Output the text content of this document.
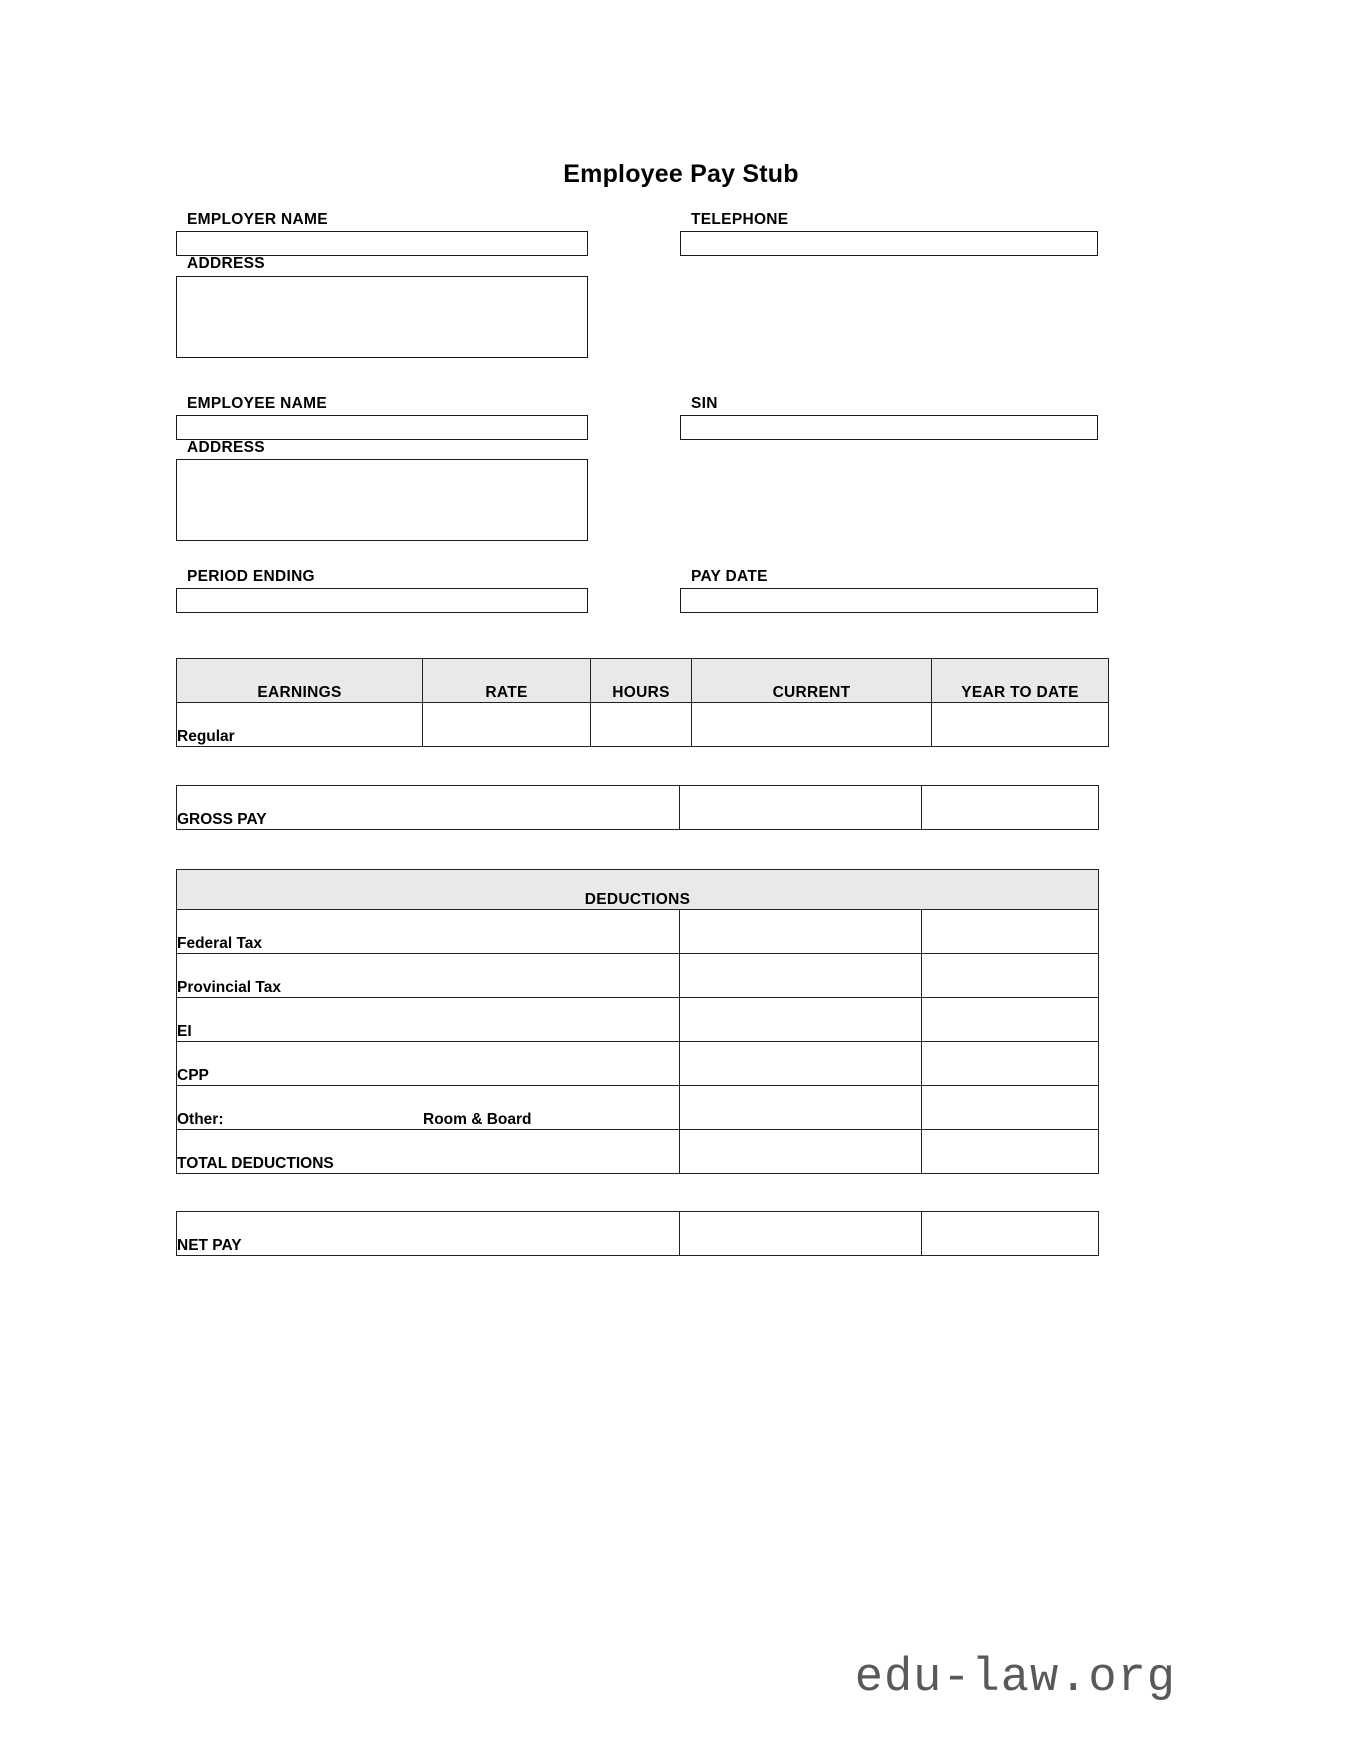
Employee Pay Stub
EMPLOYER NAME	TELEPHONE
ADDRESS
EMPLOYEE NAME	SIN
ADDRESS
PERIOD ENDING	PAY DATE
EARNINGS	RATE	HOURS	CURRENT	YEAR TO DATE
Regular				
GROSS PAY		
DEDUCTIONS		
Federal Tax		
Provincial Tax		
EI		
CPP		

Other: Room & Board		

TOTAL DEDUCTIONS		
NET PAY		
edu-law.org
